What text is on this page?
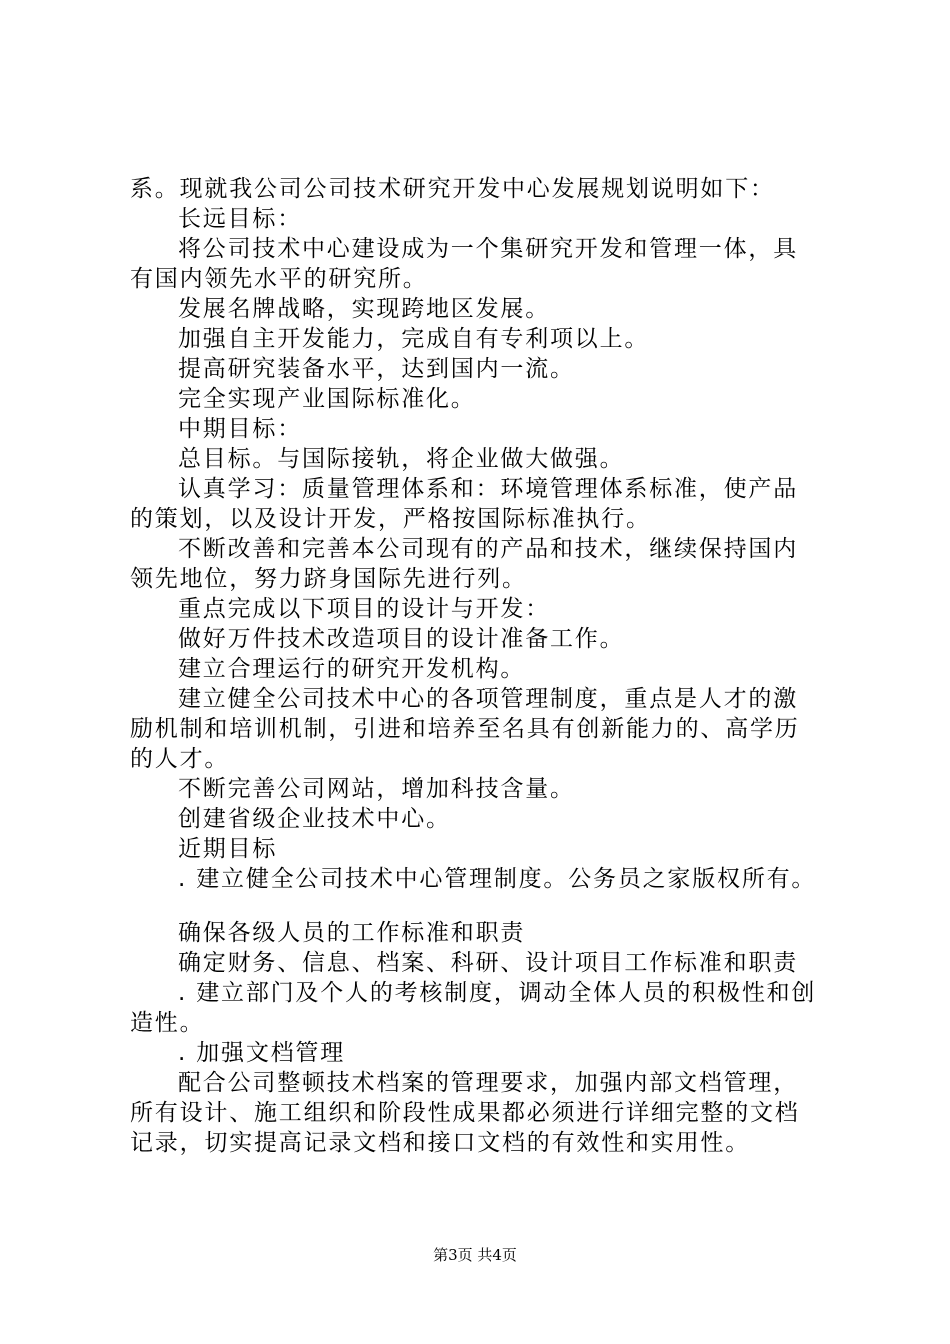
系。现就我公司公司技术研究开发中心发展规划说明如下：
长远目标：
将公司技术中心建设成为一个集研究开发和管理一体，具
有国内领先水平的研究所。
发展名牌战略，实现跨地区发展。
加强自主开发能力，完成自有专利项以上。
提高研究装备水平，达到国内一流。
完全实现产业国际标准化。
中期目标：
总目标。与国际接轨，将企业做大做强。
认真学习：质量管理体系和：环境管理体系标准，使产品
的策划，以及设计开发，严格按国际标准执行。
不断改善和完善本公司现有的产品和技术，继续保持国内
领先地位，努力跻身国际先进行列。
重点完成以下项目的设计与开发：
做好万件技术改造项目的设计准备工作。
建立合理运行的研究开发机构。
建立健全公司技术中心的各项管理制度，重点是人才的激
励机制和培训机制，引进和培养至名具有创新能力的、高学历
的人才。
不断完善公司网站，增加科技含量。
创建省级企业技术中心。
近期目标
. 建立健全公司技术中心管理制度。公务员之家版权所有。
确保各级人员的工作标准和职责
确定财务、信息、档案、科研、设计项目工作标准和职责
. 建立部门及个人的考核制度，调动全体人员的积极性和创
造性。
. 加强文档管理
配合公司整顿技术档案的管理要求，加强内部文档管理，
所有设计、施工组织和阶段性成果都必须进行详细完整的文档
记录，切实提高记录文档和接口文档的有效性和实用性。
第3页 共4页
